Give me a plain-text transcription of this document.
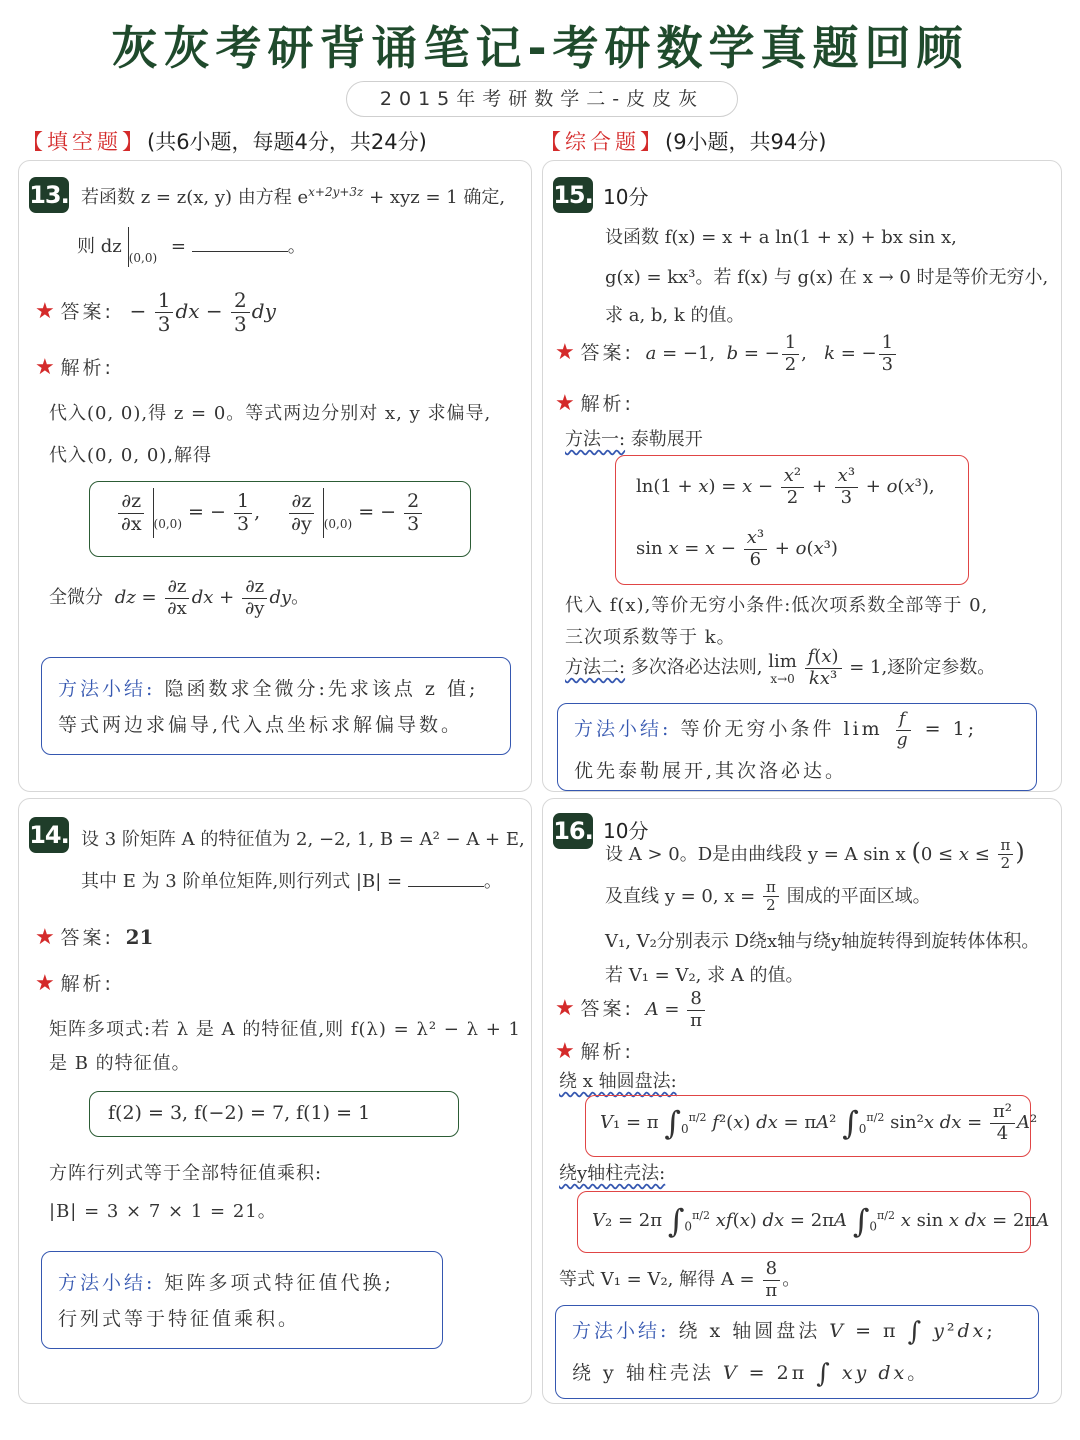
灰灰考研背诵笔记-考研数学真题回顾
2015年考研数学二-皮皮灰
【填空题】(共6小题，每题4分，共24分)	【综合题】(9小题，共94分)
13. 若函数 z = z(x, y) 由方程 $e^{x+2y+3z}$ + xyz = 1 确定,
则 $dz_{(0,0)}$ =	。
★ 答案: − $\frac{1}{3}$ dx − $\frac{2}{3}$ dy
★ 解析:
代入(0, 0),得 z = 0。等式两边分别对 x, y 求偏导,
代入(0, 0, 0),解得
$\frac{\partial z}{\partial x} _{(0,0)}$ = − $\frac{1}{3}$ , $\frac{\partial z}{\partial y} _{(0,0)}$ = − $\frac{2}{3}$
全微分 dz = $\frac{\partial z}{\partial x}$ dx + $\frac{\partial z}{\partial y}$ dy。
方法小结: 隐函数求全微分:先求该点 z 值;
等式两边求偏导,代入点坐标求解偏导数。
14. 设 3 阶矩阵 A 的特征值为 2, −2, 1, B = A² − A + E,
其中 E 为 3 阶单位矩阵,则行列式 |B| =	。
★ 答案: 21
★ 解析:
矩阵多项式:若 λ 是 A 的特征值,则 f(λ) = λ² − λ + 1
是 B 的特征值。
f(2) = 3, f(−2) = 7, f(1) = 1
方阵行列式等于全部特征值乘积:
|B| = 3 × 7 × 1 = 21。
方法小结: 矩阵多项式特征值代换;
行列式等于特征值乘积。
15. 10分
设函数 f(x) = x + a ln(1 + x) + bx sin x,
g(x) = kx³。若 f(x) 与 g(x) 在 x → 0 时是等价无穷小,
求 a, b, k 的值。
★ 答案: a = −1,  b = − $\frac{1}{2}$ ,   k = − $\frac{1}{3}$
★ 解析:
方法一: 泰勒展开
$\ln(1 + x) = x - \frac{\text{x²}}{2} + \frac{\text{x³}}{3} + o(x^3)$,
$\sin x = x - \frac{\text{x³}}{6} + o(x^3)$
代入 f(x),等价无穷小条件:低次项系数全部等于 0,
三次项系数等于 k。
方法二: 多次洛必达法则, lim
x→0
$\frac{f(x)}{\text{kx³}} = 1$,逐阶定参数。
方法小结: 等价无穷小条件 $\lim \frac{f}{g} = 1$;
优先泰勒展开,其次洛必达。
16. 10分
设 A > 0。D是由曲线段 y = A sin x ($0 \le x \le \frac{\pi}{2}$ )
及直线 y = 0, $x = \frac{\pi}{2}$ 围成的平面区域。
V₁, V₂分别表示 D绕x轴与绕y轴旋转得到旋转体体积。
若 V₁ = V₂, 求 A 的值。
★ 答案: $A = \frac{8}{\pi}$
★ 解析:
绕 x 轴圆盘法:
V₁ = π $\int_0^{\pi/2}$ f²(x) dx = πA² $\int_0^{\pi/2}$ sin²x dx = $\frac{\text{π²}}{4} A^2$
绕y轴柱壳法:
V₂ = 2π $\int_0^{\pi/2}$ xf(x) dx = 2πA $\int_0^{\pi/2}$ x sin x dx = 2πA
等式 V₁ = V₂, 解得 $A = \frac{8}{\pi}$ 。
方法小结: 绕 x 轴圆盘法 V = π ∫ y²dx;
绕 y 轴柱壳法 V = 2π ∫ xy dx。
